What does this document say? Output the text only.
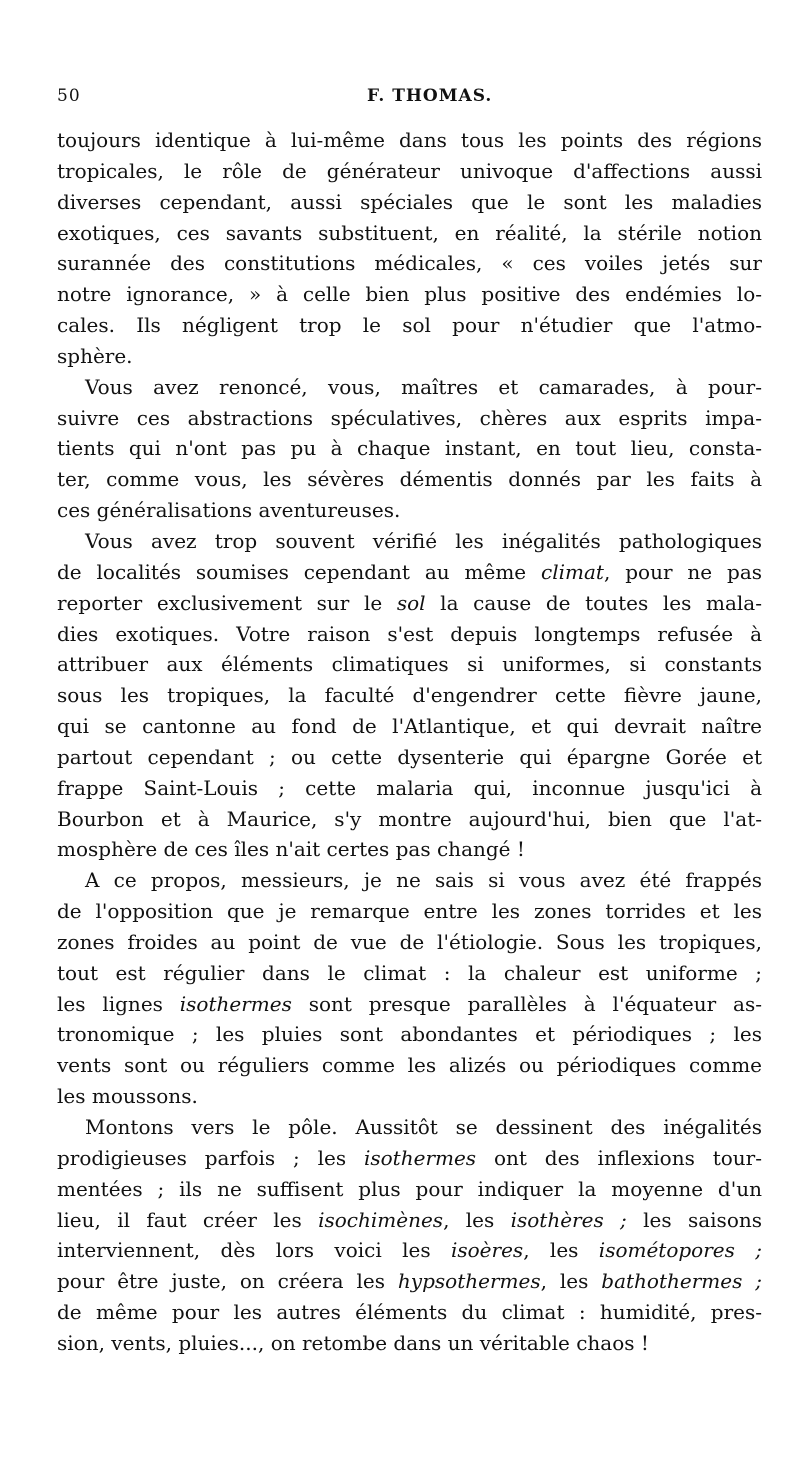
50	F. THOMAS.
toujours identique à lui-même dans tous les points des régions
tropicales, le rôle de générateur univoque d'affections aussi
diverses cependant, aussi spéciales que le sont les maladies
exotiques, ces savants substituent, en réalité, la stérile notion
surannée des constitutions médicales, « ces voiles jetés sur
notre ignorance, » à celle bien plus positive des endémies lo-
cales. Ils négligent trop le sol pour n'étudier que l'atmo-
sphère.
Vous avez renoncé, vous, maîtres et camarades, à pour-
suivre ces abstractions spéculatives, chères aux esprits impa-
tients qui n'ont pas pu à chaque instant, en tout lieu, consta-
ter, comme vous, les sévères démentis donnés par les faits à
ces généralisations aventureuses.
Vous avez trop souvent vérifié les inégalités pathologiques
de localités soumises cependant au même climat, pour ne pas
reporter exclusivement sur le sol la cause de toutes les mala-
dies exotiques. Votre raison s'est depuis longtemps refusée à
attribuer aux éléments climatiques si uniformes, si constants
sous les tropiques, la faculté d'engendrer cette fièvre jaune,
qui se cantonne au fond de l'Atlantique, et qui devrait naître
partout cependant ; ou cette dysenterie qui épargne Gorée et
frappe Saint-Louis ; cette malaria qui, inconnue jusqu'ici à
Bourbon et à Maurice, s'y montre aujourd'hui, bien que l'at-
mosphère de ces îles n'ait certes pas changé !
A ce propos, messieurs, je ne sais si vous avez été frappés
de l'opposition que je remarque entre les zones torrides et les
zones froides au point de vue de l'étiologie. Sous les tropiques,
tout est régulier dans le climat : la chaleur est uniforme ;
les lignes isothermes sont presque parallèles à l'équateur as-
tronomique ; les pluies sont abondantes et périodiques ; les
vents sont ou réguliers comme les alizés ou périodiques comme
les moussons.
Montons vers le pôle. Aussitôt se dessinent des inégalités
prodigieuses parfois ; les isothermes ont des inflexions tour-
mentées ; ils ne suffisent plus pour indiquer la moyenne d'un
lieu, il faut créer les isochimènes, les isothères ; les saisons
interviennent, dès lors voici les isoères, les isométopores ;
pour être juste, on créera les hypsothermes, les bathothermes ;
de même pour les autres éléments du climat : humidité, pres-
sion, vents, pluies..., on retombe dans un véritable chaos !
